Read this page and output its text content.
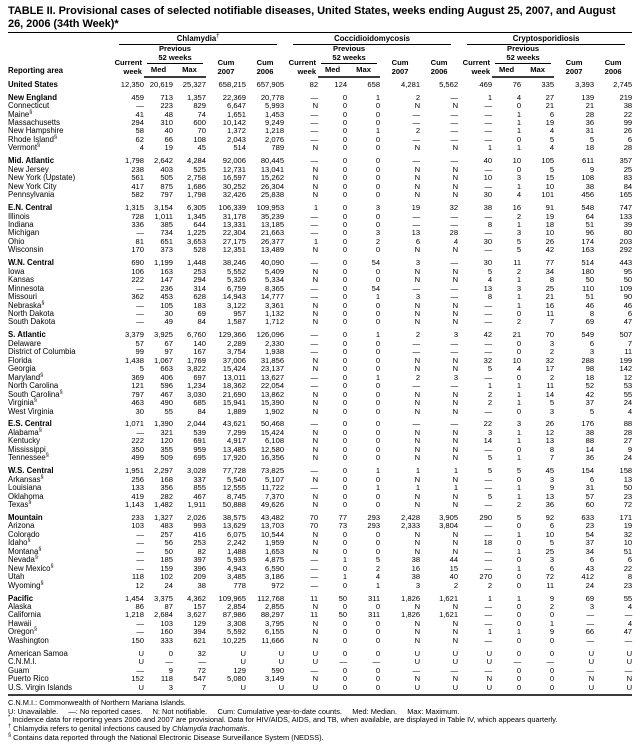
TABLE II. Provisional cases of selected notifiable diseases, United States, weeks ending August 25, 2007, and August 26, 2006 (34th Week)*
Reporting area	Chlamydia†					Coccidioidomycosis					Cryptosporidiosis				

	Current
week	Previous
52 weeks		Cum
2007	Cum
2006	Current
week	Previous
52 weeks		Cum
2007	Cum
2006	Current
week	Previous
52 weeks		Cum
2007	Cum
2006
		Med	Max				Med	Max				Med	Max		
United States	12,350	20,619	25,327	658,215	657,905	82	124	658	4,281	5,562	469	76	335	3,393	2,745
New England	459	713	1,357	22,369	20,778	—	0	1	2	—	1	4	27	139	219
Connecticut	—	223	829	6,647	5,993	N	0	0	N	N	—	0	21	21	38
Maine§	41	48	74	1,651	1,453	—	0	0	—	—	—	1	6	28	22
Massachusetts	294	310	600	10,142	9,249	—	0	0	—	—	—	1	19	36	99
New Hampshire	58	40	70	1,372	1,218	—	0	1	2	—	—	1	4	31	26
Rhode Island§	62	66	108	2,043	2,076	—	0	0	—	—	—	0	5	5	6
Vermont§	4	19	45	514	789	N	0	0	N	N	1	1	4	18	28
Mid. Atlantic	1,798	2,642	4,284	92,006	80,445	—	0	0	—	—	40	10	105	611	357
New Jersey	238	403	525	12,731	13,041	N	0	0	N	N	—	0	5	9	25
New York (Upstate)	561	505	2,758	16,597	15,262	N	0	0	N	N	10	3	15	108	83
New York City	417	875	1,686	30,252	26,304	N	0	0	N	N	—	1	10	38	84
Pennsylvania	582	797	1,798	32,426	25,838	N	0	0	N	N	30	4	101	456	165
E.N. Central	1,315	3,154	6,305	106,339	109,953	1	0	3	19	32	38	16	91	548	747
Illinois	728	1,011	1,345	31,178	35,239	—	0	0	—	—	—	2	19	64	133
Indiana	336	385	644	13,331	13,185	—	0	0	—	—	8	1	18	51	39
Michigan	—	734	1,225	22,304	21,663	—	0	3	13	28	—	3	10	96	80
Ohio	81	651	3,653	27,175	26,377	1	0	2	6	4	30	5	26	174	203
Wisconsin	170	373	528	12,351	13,489	N	0	0	N	N	—	5	42	163	292
W.N. Central	690	1,199	1,448	38,246	40,090	—	0	54	3	—	30	11	77	514	443
Iowa	106	163	253	5,552	5,409	N	0	0	N	N	5	2	34	180	95
Kansas	222	147	294	5,326	5,334	N	0	0	N	N	4	1	8	50	50
Minnesota	—	236	314	6,759	8,365	—	0	54	—	—	13	3	25	110	109
Missouri	362	453	628	14,943	14,777	—	0	1	3	—	8	1	21	51	90
Nebraska§	—	105	183	3,122	3,361	N	0	0	N	N	—	1	16	46	46
North Dakota	—	30	69	957	1,132	N	0	0	N	N	—	0	11	8	6
South Dakota	—	49	84	1,587	1,712	N	0	0	N	N	—	2	7	69	47
S. Atlantic	3,379	3,925	6,760	129,366	126,096	—	0	1	2	3	42	21	70	549	507
Delaware	57	67	140	2,289	2,330	—	0	0	—	—	—	0	3	6	7
District of Columbia	99	97	167	3,754	1,938	—	0	0	—	—	—	0	2	3	11
Florida	1,438	1,067	1,769	37,006	31,856	N	0	0	N	N	32	10	32	288	199
Georgia	5	663	3,822	15,424	23,137	N	0	0	N	N	5	4	17	98	142
Maryland§	369	406	697	13,011	13,627	—	0	1	2	3	—	0	2	18	12
North Carolina	121	596	1,234	18,362	22,054	—	0	0	—	—	1	1	11	52	53
South Carolina§	797	467	3,030	21,690	13,862	N	0	0	N	N	2	1	14	42	55
Virginia§	463	490	685	15,941	15,390	N	0	0	N	N	2	1	5	37	24
West Virginia	30	55	84	1,889	1,902	N	0	0	N	N	—	0	3	5	4
E.S. Central	1,071	1,390	2,044	43,621	50,468	—	0	0	—	—	22	3	26	176	88
Alabama§	—	321	539	7,299	15,424	N	0	0	N	N	3	1	12	38	28
Kentucky	222	120	691	4,917	6,108	N	0	0	N	N	14	1	13	88	27
Mississippi	350	355	959	13,485	12,580	N	0	0	N	N	—	0	8	14	9
Tennessee§	499	509	695	17,920	16,356	N	0	0	N	N	5	1	7	36	24
W.S. Central	1,951	2,297	3,028	77,728	73,825	—	0	1	1	1	5	5	45	154	158
Arkansas§	256	168	337	5,540	5,107	N	0	0	N	N	—	0	3	6	13
Louisiana	133	356	855	12,555	11,722	—	0	1	1	1	—	1	9	31	50
Oklahoma	419	282	467	8,745	7,370	N	0	0	N	N	5	1	13	57	23
Texas§	1,143	1,482	1,911	50,888	49,626	N	0	0	N	N	—	2	36	60	72
Mountain	233	1,327	2,026	38,575	43,482	70	77	293	2,428	3,905	290	5	92	633	171
Arizona	103	483	993	13,629	13,703	70	73	293	2,333	3,804	—	0	6	23	19
Colorado	—	257	416	6,075	10,544	N	0	0	N	N	—	1	10	54	32
Idaho§	—	56	253	2,242	1,959	N	0	0	N	N	18	0	5	37	10
Montana§	—	50	82	1,488	1,653	N	0	0	N	N	—	1	25	34	51
Nevada§	—	185	397	5,935	4,875	—	1	5	38	44	—	0	3	6	6
New Mexico§	—	159	396	4,943	6,590	—	0	2	16	15	—	1	6	43	22
Utah	118	102	209	3,485	3,186	—	1	4	38	40	270	0	72	412	8
Wyoming§	12	24	38	778	972	—	0	1	3	2	2	0	11	24	23
Pacific	1,454	3,375	4,362	109,965	112,768	11	50	311	1,826	1,621	1	1	9	69	55
Alaska	86	87	157	2,854	2,855	N	0	0	N	N	—	0	2	3	4
California	1,218	2,684	3,627	87,986	88,297	11	50	311	1,826	1,621	—	0	0	—	—
Hawaii	—	103	129	3,308	3,795	N	0	0	N	N	—	0	1	—	4
Oregon§	—	160	394	5,592	6,155	N	0	0	N	N	1	1	9	66	47
Washington	150	333	621	10,225	11,666	N	0	0	N	N	—	0	0	—	—
American Samoa	U	0	32	U	U	U	0	0	U	U	U	0	0	U	U
C.N.M.I.	U	—	—	U	U	U	—	—	U	U	U	—	—	U	U
Guam	—	9	72	129	590	—	0	0	—	—	—	0	0	—	—
Puerto Rico	152	118	547	5,080	3,149	N	0	0	N	N	N	0	0	N	N
U.S. Virgin Islands	U	3	7	U	U	U	0	0	U	U	U	0	0	U	U
C.N.M.I.: Commonwealth of Northern Mariana Islands.
U: Unavailable.     —: No reported cases.     N: Not notifiable.     Cum: Cumulative year-to-date counts.     Med: Median.     Max: Maximum.
* Incidence data for reporting years 2006 and 2007 are provisional. Data for HIV/AIDS, AIDS, and TB, when available, are displayed in Table IV, which appears quarterly.
† Chlamydia refers to genital infections caused by Chlamydia trachomatis.
§ Contains data reported through the National Electronic Disease Surveillance System (NEDSS).
